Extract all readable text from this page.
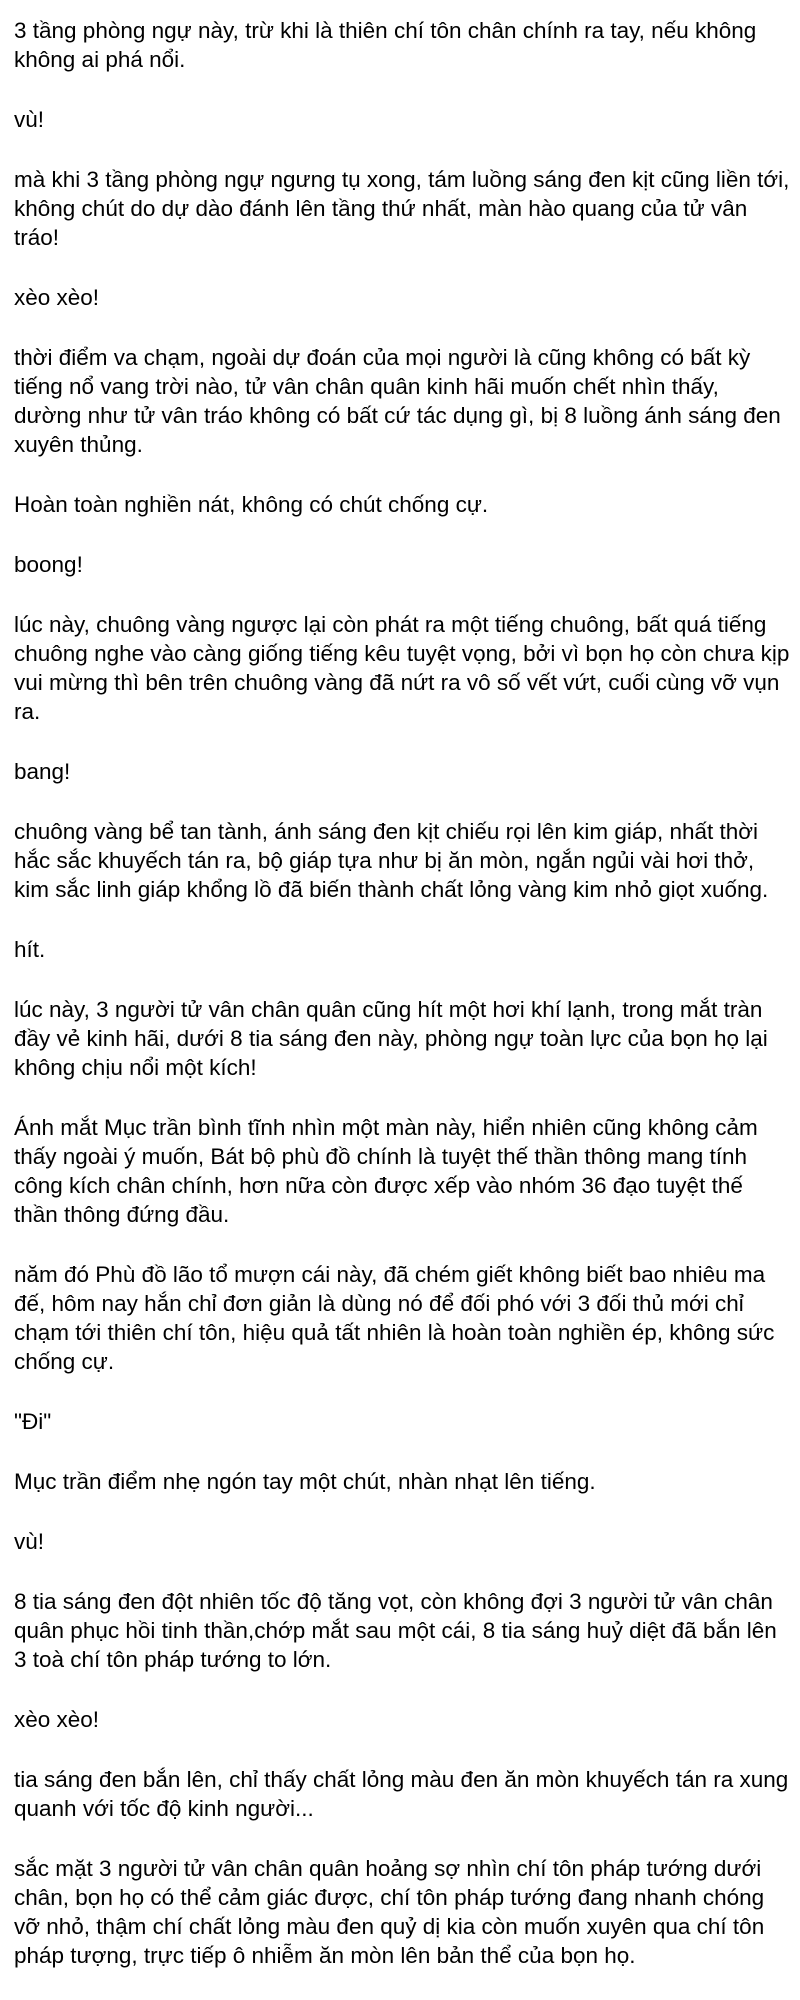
3 tầng phòng ngự này, trừ khi là thiên chí tôn chân chính ra tay, nếu không không ai phá nổi.

vù!

mà khi 3 tầng phòng ngự ngưng tụ xong, tám luồng sáng đen kịt cũng liền tới, không chút do dự dào đánh lên tầng thứ nhất, màn hào quang của tử vân tráo!

xèo xèo!

thời điểm va chạm, ngoài dự đoán của mọi người là cũng không có bất kỳ tiếng nổ vang trời nào, tử vân chân quân kinh hãi muốn chết nhìn thấy, dường như tử vân tráo không có bất cứ tác dụng gì, bị 8 luồng ánh sáng đen xuyên thủng.

Hoàn toàn nghiền nát, không có chút chống cự.

boong!

lúc này, chuông vàng ngược lại còn phát ra một tiếng chuông, bất quá tiếng chuông nghe vào càng giống tiếng kêu tuyệt vọng, bởi vì bọn họ còn chưa kịp vui mừng thì bên trên chuông vàng đã nứt ra vô số vết vứt, cuối cùng vỡ vụn ra.

bang!

chuông vàng bể tan tành, ánh sáng đen kịt chiếu rọi lên kim giáp, nhất thời hắc sắc khuyếch tán ra, bộ giáp tựa như bị ăn mòn, ngắn ngủi vài hơi thở, kim sắc linh giáp khổng lồ đã biến thành chất lỏng vàng kim nhỏ giọt xuống.

hít.

lúc này, 3 người tử vân chân quân cũng hít một hơi khí lạnh, trong mắt tràn đầy vẻ kinh hãi, dưới 8 tia sáng đen này, phòng ngự toàn lực của bọn họ lại không chịu nổi một kích!

Ánh mắt Mục trần bình tĩnh nhìn một màn này, hiển nhiên cũng không cảm thấy ngoài ý muốn, Bát bộ phù đồ chính là tuyệt thế thần thông mang tính công kích chân chính, hơn nữa còn được xếp vào nhóm 36 đạo tuyệt thế thần thông đứng đầu.

năm đó Phù đồ lão tổ mượn cái này, đã chém giết không biết bao nhiêu ma đế, hôm nay hắn chỉ đơn giản là dùng nó để đối phó với 3 đối thủ mới chỉ chạm tới thiên chí tôn, hiệu quả tất nhiên là hoàn toàn nghiền ép, không sức chống cự.

"Đi"

Mục trần điểm nhẹ ngón tay một chút, nhàn nhạt lên tiếng.

vù!

8 tia sáng đen đột nhiên tốc độ tăng vọt, còn không đợi 3 người tử vân chân quân phục hồi tinh thần,chớp mắt sau một cái, 8 tia sáng huỷ diệt đã bắn lên 3 toà chí tôn pháp tướng to lớn.

xèo xèo!

tia sáng đen bắn lên, chỉ thấy chất lỏng màu đen ăn mòn khuyếch tán ra xung quanh với tốc độ kinh người...

sắc mặt 3 người tử vân chân quân hoảng sợ nhìn chí tôn pháp tướng dưới chân, bọn họ có thể cảm giác được, chí tôn pháp tướng đang nhanh chóng vỡ nhỏ, thậm chí chất lỏng màu đen quỷ dị kia còn muốn xuyên qua chí tôn pháp tượng, trực tiếp ô nhiễm ăn mòn lên bản thể của bọn họ.
